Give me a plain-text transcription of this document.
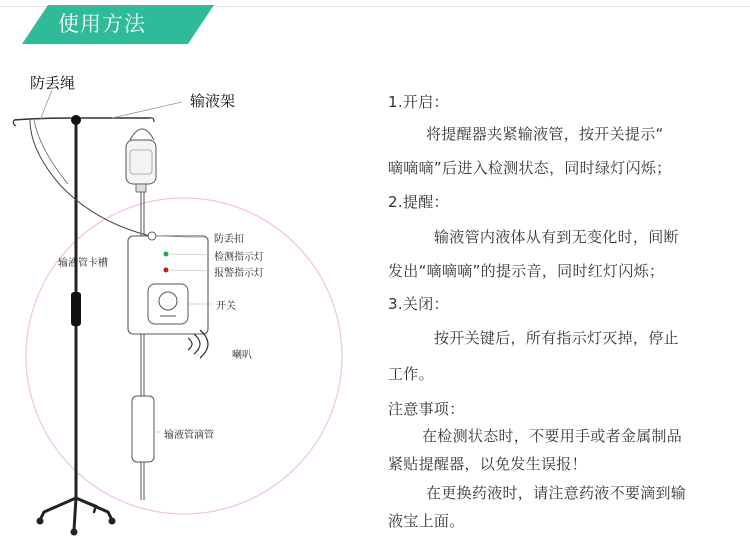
使用方法
防丢绳
输液架
防丢扣
检测指示灯
报警指示灯
输液管卡槽
开关
喇叭
输液管滴管
1.开启：
将提醒器夹紧输液管，按开关提示“
嘀嘀嘀”后进入检测状态，同时绿灯闪烁；
2.提醒：
输液管内液体从有到无变化时，间断
发出“嘀嘀嘀”的提示音，同时红灯闪烁；
3.关闭：
按开关键后，所有指示灯灭掉，停止
工作。
注意事项：
在检测状态时，不要用手或者金属制品
紧贴提醒器，以免发生误报！
在更换药液时，请注意药液不要滴到输
液宝上面。
